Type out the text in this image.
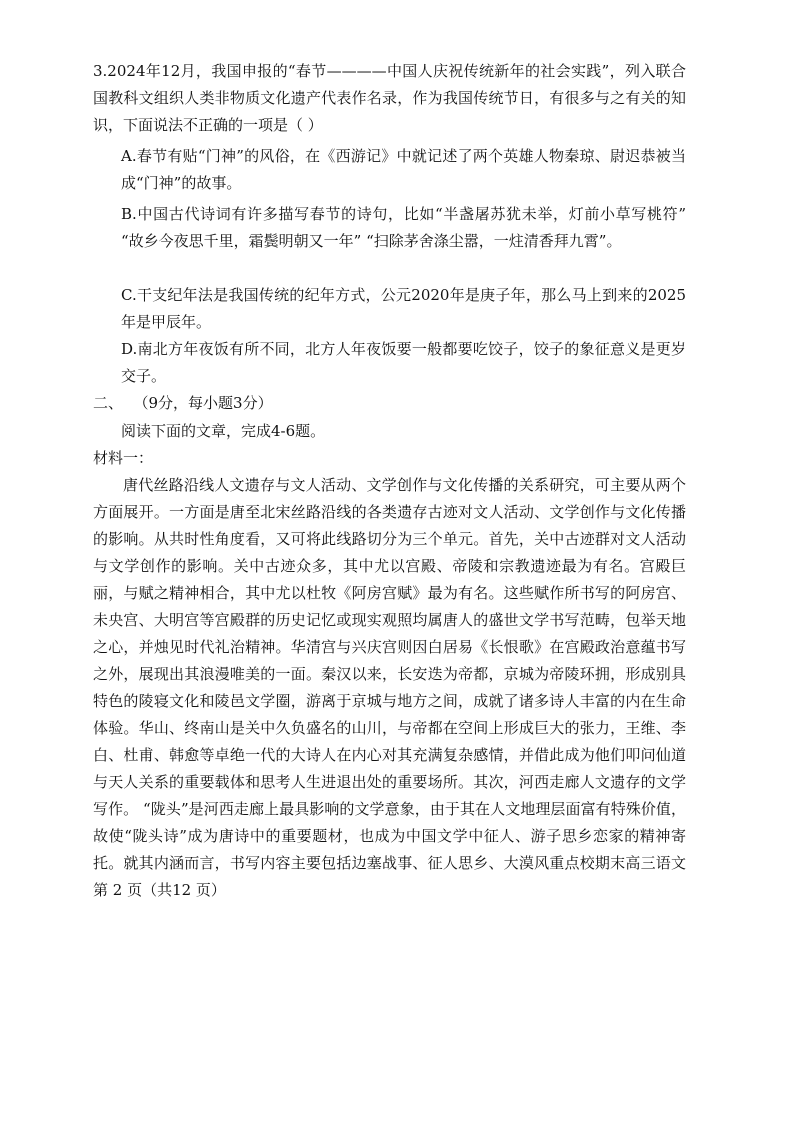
3.2024年12月，我国申报的“春节————中国人庆祝传统新年的社会实践”，列入联合国教科文组织人类非物质文化遗产代表作名录，作为我国传统节日，有很多与之有关的知识，下面说法不正确的一项是（ ）

A.春节有贴“门神”的风俗，在《西游记》中就记述了两个英雄人物秦琼、尉迟恭被当成“门神”的故事。

B.中国古代诗词有许多描写春节的诗句，比如“半盏屠苏犹未举，灯前小草写桃符” “故乡今夜思千里，霜鬓明朝又一年” “扫除茅舍涤尘嚣，一炷清香拜九霄”。

C.干支纪年法是我国传统的纪年方式，公元2020年是庚子年，那么马上到来的2025年是甲辰年。

D.南北方年夜饭有所不同，北方人年夜饭要一般都要吃饺子，饺子的象征意义是更岁交子。

二、 （9分，每小题3分）

阅读下面的文章，完成4-6题。

材料一：

唐代丝路沿线人文遗存与文人活动、文学创作与文化传播的关系研究，可主要从两个方面展开。一方面是唐至北宋丝路沿线的各类遗存古迹对文人活动、文学创作与文化传播的影响。从共时性角度看，又可将此线路切分为三个单元。首先，关中古迹群对文人活动与文学创作的影响。关中古迹众多，其中尤以宫殿、帝陵和宗教遗迹最为有名。宫殿巨丽，与赋之精神相合，其中尤以杜牧《阿房宫赋》最为有名。这些赋作所书写的阿房宫、未央宫、大明宫等宫殿群的历史记忆或现实观照均属唐人的盛世文学书写范畴，包举天地之心，并烛见时代礼治精神。华清宫与兴庆宫则因白居易《长恨歌》在宫殿政治意蕴书写之外，展现出其浪漫唯美的一面。秦汉以来，长安迭为帝都，京城为帝陵环拥，形成别具特色的陵寝文化和陵邑文学圈，游离于京城与地方之间，成就了诸多诗人丰富的内在生命体验。华山、终南山是关中久负盛名的山川，与帝都在空间上形成巨大的张力，王维、李白、杜甫、韩愈等卓绝一代的大诗人在内心对其充满复杂感情，并借此成为他们叩问仙道与天人关系的重要载体和思考人生进退出处的重要场所。其次，河西走廊人文遗存的文学写作。 “陇头”是河西走廊上最具影响的文学意象，由于其在人文地理层面富有特殊价值，故使“陇头诗”成为唐诗中的重要题材，也成为中国文学中征人、游子思乡恋家的精神寄托。就其内涵而言，书写内容主要包括边塞战事、征人思乡、大漠风重点校期末高三语文 第 2 页（共12 页）
